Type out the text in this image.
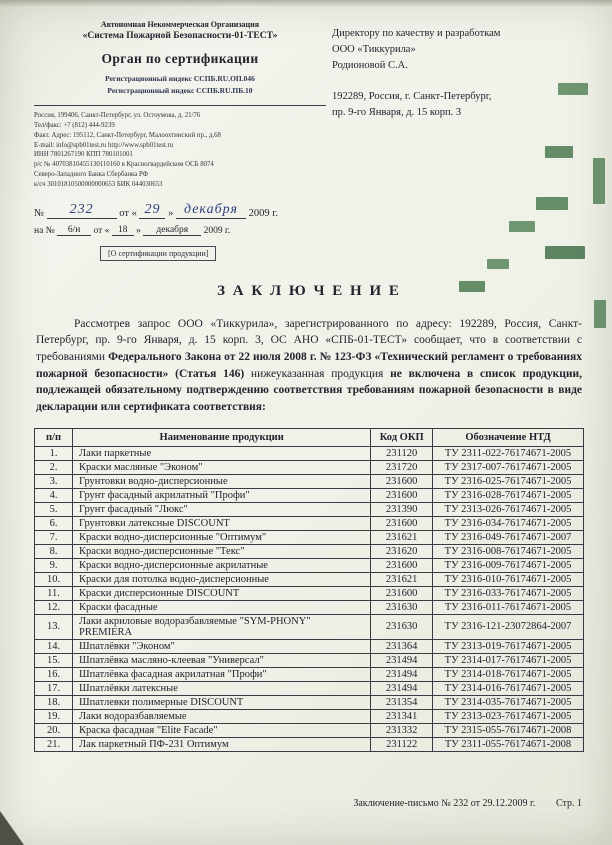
Автономная Некоммерческая Организация
«Система Пожарной Безопасности-01-ТЕСТ»
Орган по сертификации
Регистрационный индекс ССПБ.RU.ОП.046
Регистрационный индекс ССПБ.RU.ПБ.10
Россия, 199406, Санкт-Петербург, ул. Остоумова, д. 21/76
Тел/факс: +7 (812) 444-9239
Факт. Адрес: 195112, Санкт-Петербург, Малоохтинский пр., д.68
E-mail: info@spb01test.ru http://www.spb01test.ru
ИНН 7801267190 КПП 780101001
р/с № 40703810455130110160 в Красногвардейском ОСБ 8074
Северо-Западного Банка Сбербанка РФ
к/сч 30101810500000000653 БИК 044030653
№ 232 от « 29 » декабря 2009 г.
на № 6/н от « 18 » декабря 2009 г.
[О сертификации продукции]
Директору по качеству и разработкам
ООО «Тиккурила»
Родионовой С.А.
192289, Россия, г. Санкт-Петербург,
пр. 9-го Января, д. 15 корп. 3
З А К Л Ю Ч Е Н И Е

Рассмотрев запрос ООО «Тиккурила», зарегистрированного по адресу: 192289, Россия, Санкт-Петербург, пр. 9-го Января, д. 15 корп. 3, ОС АНО «СПБ-01-ТЕСТ» сообщает, что в соответствии с требованиями Федерального Закона от 22 июля 2008 г. № 123-ФЗ «Технический регламент о требованиях пожарной безопасности» (Статья 146) нижеуказанная продукция не включена в список продукции, подлежащей обязательному подтверждению соответствия требованиям пожарной безопасности в виде декларации или сертификата соответствия:

п/п	Наименование продукции	Код ОКП	Обозначение НТД
1.	Лаки паркетные	231120	ТУ 2311-022-76174671-2005
2.	Краски масляные "Эконом"	231720	ТУ 2317-007-76174671-2005
3.	Грунтовки водно-дисперсионные	231600	ТУ 2316-025-76174671-2005
4.	Грунт фасадный акрилатный "Профи"	231600	ТУ 2316-028-76174671-2005
5.	Грунт фасадный "Люкс"	231390	ТУ 2313-026-76174671-2005
6.	Грунтовки латексные DISCOUNT	231600	ТУ 2316-034-76174671-2005
7.	Краски водно-дисперсионные "Оптимум"	231621	ТУ 2316-049-76174671-2007
8.	Краски водно-дисперсионные "Текс"	231620	ТУ 2316-008-76174671-2005
9.	Краски водно-дисперсионные акрилатные	231600	ТУ 2316-009-76174671-2005
10.	Краски для потолка водно-дисперсионные	231621	ТУ 2316-010-76174671-2005
11.	Краски дисперсионные DISCOUNT	231600	ТУ 2316-033-76174671-2005
12.	Краски фасадные	231630	ТУ 2316-011-76174671-2005
13.	Лаки акриловые водоразбавляемые "SYM-PHONY" PREMIERA	231630	ТУ 2316-121-23072864-2007
14.	Шпатлёвки "Эконом"	231364	ТУ 2313-019-76174671-2005
15.	Шпатлёвка масляно-клеевая "Универсал"	231494	ТУ 2314-017-76174671-2005
16.	Шпатлёвка фасадная акрилатная "Профи"	231494	ТУ 2314-018-76174671-2005
17.	Шпатлёвки латексные	231494	ТУ 2314-016-76174671-2005
18.	Шпатлевки полимерные DISCOUNT	231354	ТУ 2314-035-76174671-2005
19.	Лаки водоразбавляемые	231341	ТУ 2313-023-76174671-2005
20.	Краска фасадная "Elite Facade"	231332	ТУ 2315-055-76174671-2008
21.	Лак паркетный ПФ-231 Оптимум	231122	ТУ 2311-055-76174671-2008
Заключение-письмо № 232 от 29.12.2009 г. Стр. 1
